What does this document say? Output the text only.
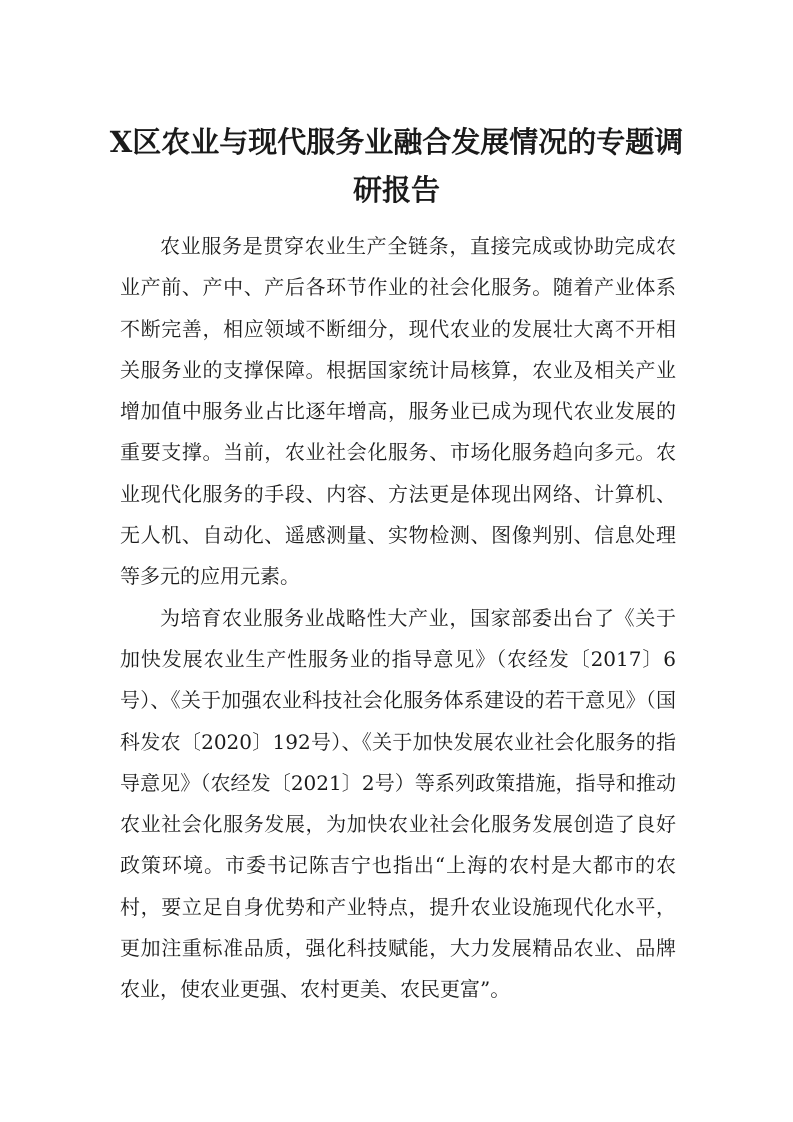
X区农业与现代服务业融合发展情况的专题调研报告

农业服务是贯穿农业生产全链条，直接完成或协助完成农业产前、产中、产后各环节作业的社会化服务。随着产业体系不断完善，相应领域不断细分，现代农业的发展壮大离不开相关服务业的支撑保障。根据国家统计局核算，农业及相关产业增加值中服务业占比逐年增高，服务业已成为现代农业发展的重要支撑。当前，农业社会化服务、市场化服务趋向多元。农业现代化服务的手段、内容、方法更是体现出网络、计算机、无人机、自动化、遥感测量、实物检测、图像判别、信息处理等多元的应用元素。

为培育农业服务业战略性大产业，国家部委出台了《关于加快发展农业生产性服务业的指导意见》（农经发〔2017〕6号）、《关于加强农业科技社会化服务体系建设的若干意见》（国科发农〔2020〕192号）、《关于加快发展农业社会化服务的指导意见》（农经发〔2021〕2号）等系列政策措施，指导和推动农业社会化服务发展，为加快农业社会化服务发展创造了良好政策环境。市委书记陈吉宁也指出“上海的农村是大都市的农村，要立足自身优势和产业特点，提升农业设施现代化水平，更加注重标准品质，强化科技赋能，大力发展精品农业、品牌农业，使农业更强、农村更美、农民更富”。
